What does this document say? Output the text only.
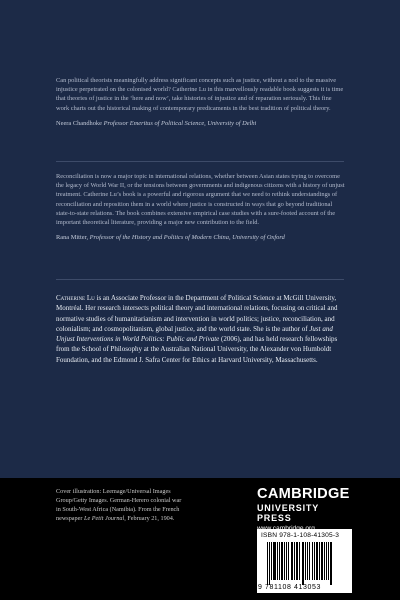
Can political theorists meaningfully address significant concepts such as justice, without a nod to the massive injustice perpetrated on the colonised world? Catherine Lu in this marvellously readable book suggests it is time that theories of justice in the ‘here and now’, take histories of injustice and of reparation seriously. This fine work charts out the historical making of contemporary predicaments in the best tradition of political theory.

Neera Chandhoke Professor Emeritus of Political Science, University of Delhi

Reconciliation is now a major topic in international relations, whether between Asian states trying to overcome the legacy of World War II, or the tensions between governments and indigenous citizens with a history of unjust treatment. Catherine Lu’s book is a powerful and rigorous argument that we need to rethink understandings of reconciliation and reposition them in a world where justice is constructed in ways that go beyond traditional state-to-state relations. The book combines extensive empirical case studies with a sure-footed account of the important theoretical literature, providing a major new contribution to the field.

Rana Mitter, Professor of the History and Politics of Modern China, University of Oxford

Catherine Lu is an Associate Professor in the Department of Political Science at McGill University, Montréal. Her research intersects political theory and international relations, focusing on critical and normative studies of humanitarianism and intervention in world politics; justice, reconciliation, and colonialism; and cosmopolitanism, global justice, and the world state. She is the author of Just and Unjust Interventions in World Politics: Public and Private (2006), and has held research fellowships from the School of Philosophy at the Australian National University, the Alexander von Humboldt Foundation, and the Edmond J. Safra Center for Ethics at Harvard University, Massachusetts.
Cover illustration: Leemage/Universal Images Group/Getty Images. German-Herero colonial war in South-West Africa (Namibia). From the French newspaper Le Petit Journal, February 21, 1904.
CAMBRIDGE
UNIVERSITY PRESS
ISBN 978-1-108-41305-3
9 781108 413053
